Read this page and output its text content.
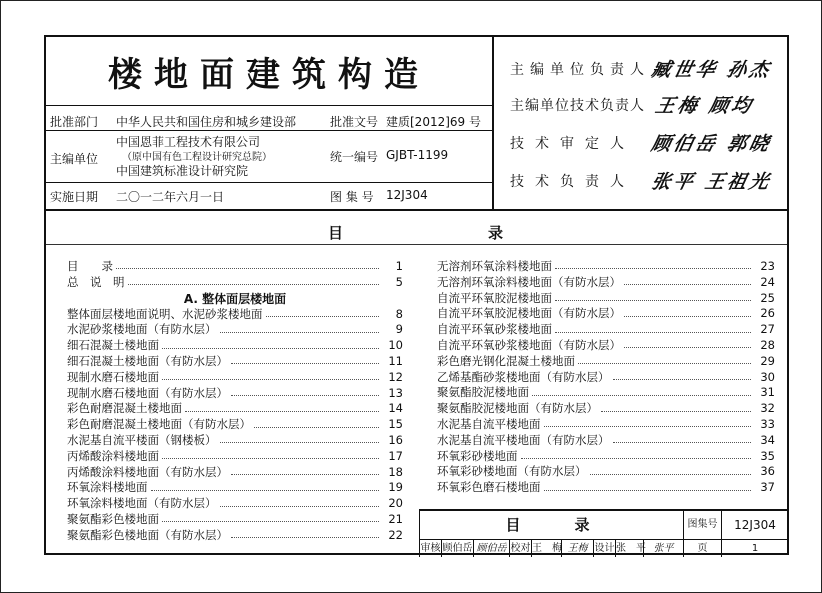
楼地面建筑构造
批准部门 中华人民共和国住房和城乡建设部	批准文号 建质[2012]69 号
主编单位
中国恩菲工程技术有限公司
（原中国有色工程设计研究总院）
中国建筑标准设计研究院
统一编号 GJBT-1199
实施日期 二〇一二年六月一日	图 集 号 12J304
主编单位负责人 臧世华 孙杰
主编单位技术负责人 王梅 顾均
技术审定人 顾伯岳 郭晓
技术负责人 张平 王祖光
目	录
目　　录	1
总　说　明	5
A. 整体面层楼地面
整体面层楼地面说明、水泥砂浆楼地面	8
水泥砂浆楼地面（有防水层）	9
细石混凝土楼地面	10
细石混凝土楼地面（有防水层）	11
现制水磨石楼地面	12
现制水磨石楼地面（有防水层）	13
彩色耐磨混凝土楼地面	14
彩色耐磨混凝土楼地面（有防水层）	15
水泥基自流平楼面（钢楼板）	16
丙烯酸涂料楼地面	17
丙烯酸涂料楼地面（有防水层）	18
环氧涂料楼地面	19
环氧涂料楼地面（有防水层）	20
聚氨酯彩色楼地面	21
聚氨酯彩色楼地面（有防水层）	22
无溶剂环氧涂料楼地面	23
无溶剂环氧涂料楼地面（有防水层）	24
自流平环氧胶泥楼地面	25
自流平环氧胶泥楼地面（有防水层）	26
自流平环氧砂浆楼地面	27
自流平环氧砂浆楼地面（有防水层）	28
彩色磨光钢化混凝土楼地面	29
乙烯基酯砂浆楼地面（有防水层）	30
聚氨酯胶泥楼地面	31
聚氨酯胶泥楼地面（有防水层）	32
水泥基自流平楼地面	33
水泥基自流平楼地面（有防水层）	34
环氧彩砂楼地面	35
环氧彩砂楼地面（有防水层）	36
环氧彩色磨石楼地面	37
目　　录	图集号	12J304
审核 顾伯岳 顾伯岳 校对 王　梅 王梅 设计 张　平 张平	页	1
